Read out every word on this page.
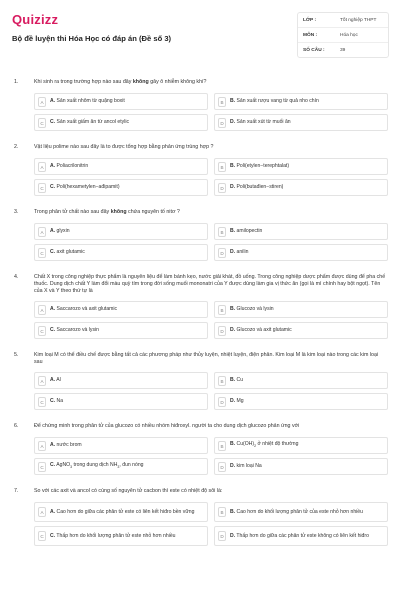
Quizizz
Bộ đề luyện thi Hóa Học có đáp án (Đề số 3)
LỚP :	Tốt nghiệp THPT
MÔN :	Hóa học
SỐ CÂU :	39
1.	Khi sinh ra trong trường hợp nào sau đây không gây ô nhiễm không khí?
A	A. Sản xuất nhôm từ quặng boxit	B	B. Sản xuất rượu vang từ quả nho chín
C	C. Sản xuất giấm ăn từ ancol etylic	D	D. Sản xuất xút từ muối ăn
2.	Vật liệu polime nào sau đây là to được tổng hợp bằng phản ứng trùng hợp ?
A	A. Poliacrilonitrin	B	B. Poli(etylen−terephtalat)
C	C. Poli(hexametylen−ađipamit)	D	D. Poli(butađien−stiren)
3.	Trong phân tử chất nào sau đây không chứa nguyên tố nitơ ?
A	A. glyxin	B	B. amilopectin
C	C. axit glutamic	D	D. anilin
4.	Chất X trong công nghiệp thực phẩm là nguyên liệu để làm bánh kẹo, nước giải khát, đồ uống. Trong công nghiệp dược phẩm được dùng để pha chế thuốc. Dung dịch chất Y làm đổi màu quỳ tím trong đời sống muối mononatri của Y được dùng làm gia vị thức ăn (gọi là mì chính hay bột ngọt). Tên của X và Y theo thứ tự là
A	A. Saccarozo và axit glutamic	B	B. Glucozo và lysin
C	C. Saccarozo và lysin	D	D. Glucozo và axit glutamic
5.	Kim loại M có thể điều chế được bằng tất cả các phương pháp như thủy luyện, nhiệt luyện, điện phân. Kim loại M là kim loại nào trong các kim loại sau
A	A. Al	B	B. Cu
C	C. Na	D	D. Mg
6.	Để chứng minh trong phân tử của glucozo có nhiều nhóm hiđroxyl. người ta cho dung dịch glucozo phản ứng với
A	A. nước brom	B	B. $Cu(OH)_2$ ở nhiệt độ thường
C	C. AgNO$_3$ trong dung dịch $NH_3$, đun nóng	D	D. kim loại Na
7.	So với các axit và ancol có cùng số nguyên tử cacbon thì este có nhiệt độ sôi là:
A	A. Cao hơn do giữa các phân tử este có liên kết hiđro bền vững	B	B. Cao hơn do khối lượng phân tử của este nhỏ hơn nhiều
C	C. Thấp hơn do khối lượng phân tử este nhỏ hơn nhiều	D	D. Thấp hơn do giữa các phân tử este không có liên kết hiđro
